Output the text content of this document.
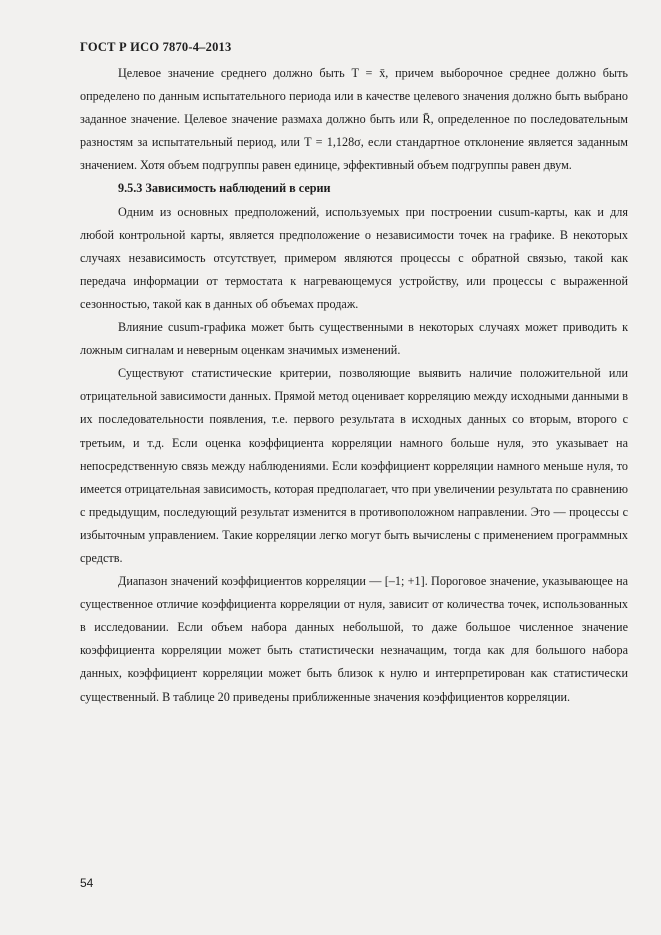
ГОСТ Р ИСО 7870-4–2013

Целевое значение среднего должно быть T = x̄, причем выборочное среднее должно быть определено по данным испытательного периода или в качестве целевого значения должно быть выбрано заданное значение. Целевое значение размаха должно быть или R̄, определенное по последовательным разностям за испытательный период, или T = 1,128σ, если стандартное отклонение является заданным значением. Хотя объем подгруппы равен единице, эффективный объем подгруппы равен двум.

9.5.3 Зависимость наблюдений в серии

Одним из основных предположений, используемых при построении cusum-карты, как и для любой контрольной карты, является предположение о независимости точек на графике. В некоторых случаях независимость отсутствует, примером являются процессы с обратной связью, такой как передача информации от термостата к нагревающемуся устройству, или процессы с выраженной сезонностью, такой как в данных об объемах продаж.

Влияние cusum-графика может быть существенными в некоторых случаях может приводить к ложным сигналам и неверным оценкам значимых изменений.

Существуют статистические критерии, позволяющие выявить наличие положительной или отрицательной зависимости данных. Прямой метод оценивает корреляцию между исходными данными в их последовательности появления, т.е. первого результата в исходных данных со вторым, второго с третьим, и т.д. Если оценка коэффициента корреляции намного больше нуля, это указывает на непосредственную связь между наблюдениями. Если коэффициент корреляции намного меньше нуля, то имеется отрицательная зависимость, которая предполагает, что при увеличении результата по сравнению с предыдущим, последующий результат изменится в противоположном направлении. Это — процессы с избыточным управлением. Такие корреляции легко могут быть вычислены с применением программных средств.

Диапазон значений коэффициентов корреляции — [–1; +1]. Пороговое значение, указывающее на существенное отличие коэффициента корреляции от нуля, зависит от количества точек, использованных в исследовании. Если объем набора данных небольшой, то даже большое численное значение коэффициента корреляции может быть статистически незначащим, тогда как для большого набора данных, коэффициент корреляции может быть близок к нулю и интерпретирован как статистически существенный. В таблице 20 приведены приближенные значения коэффициентов корреляции.

54
